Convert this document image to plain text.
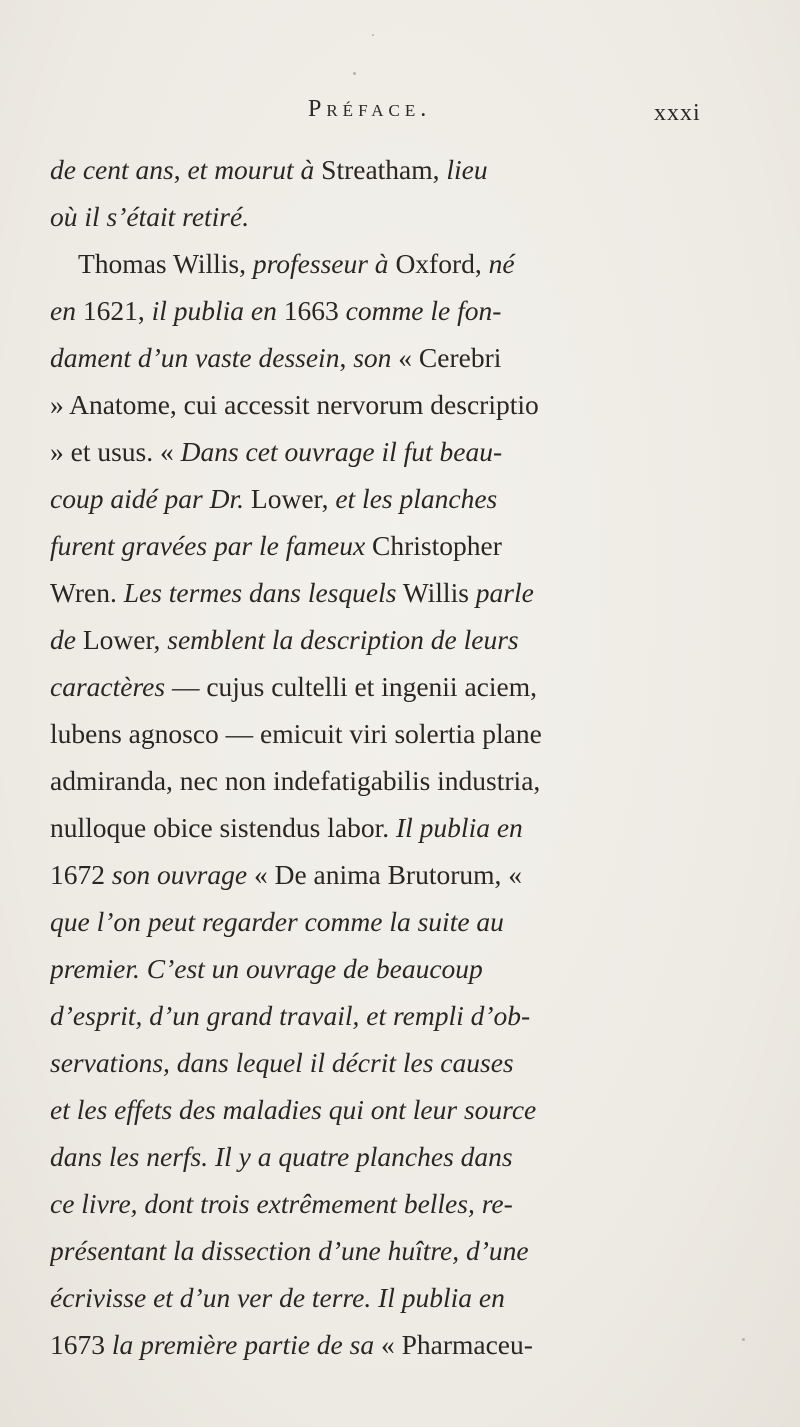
Préface.	xxxi
de cent ans, et mourut à Streatham, lieu
où il s’était retiré.
Thomas Willis, professeur à Oxford, né
en 1621, il publia en 1663 comme le fon-
dament d’un vaste dessein, son « Cerebri
» Anatome, cui accessit nervorum descriptio
» et usus. « Dans cet ouvrage il fut beau-
coup aidé par Dr. Lower, et les planches
furent gravées par le fameux Christopher
Wren. Les termes dans lesquels Willis parle
de Lower, semblent la description de leurs
caractères — cujus cultelli et ingenii aciem,
lubens agnosco — emicuit viri solertia plane
admiranda, nec non indefatigabilis industria,
nulloque obice sistendus labor. Il publia en
1672 son ouvrage « De anima Brutorum, «
que l’on peut regarder comme la suite au
premier. C’est un ouvrage de beaucoup
d’esprit, d’un grand travail, et rempli d’ob-
servations, dans lequel il décrit les causes
et les effets des maladies qui ont leur source
dans les nerfs. Il y a quatre planches dans
ce livre, dont trois extrêmement belles, re-
présentant la dissection d’une huître, d’une
écrivisse et d’un ver de terre. Il publia en
1673 la première partie de sa « Pharmaceu-
